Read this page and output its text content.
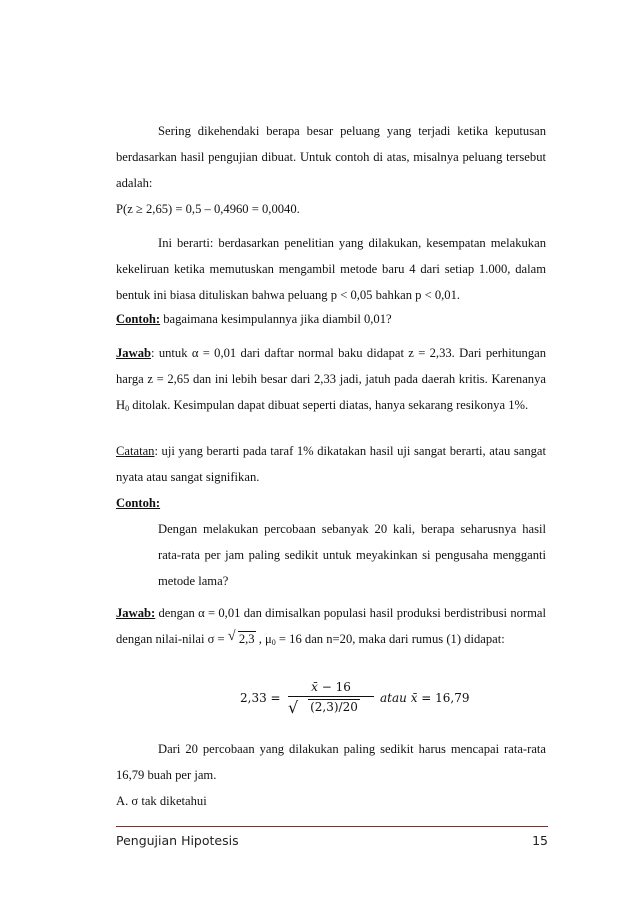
Sering dikehendaki berapa besar peluang yang terjadi ketika keputusan berdasarkan hasil pengujian dibuat. Untuk contoh di atas, misalnya peluang tersebut adalah:

P(z ≥ 2,65) = 0,5 – 0,4960 = 0,0040.

Ini berarti: berdasarkan penelitian yang dilakukan, kesempatan melakukan kekeliruan ketika memutuskan mengambil metode baru 4 dari setiap 1.000, dalam bentuk ini biasa dituliskan bahwa peluang p < 0,05 bahkan p < 0,01.

Contoh: bagaimana kesimpulannya jika diambil 0,01?

Jawab: untuk α = 0,01 dari daftar normal baku didapat z = 2,33. Dari perhitungan harga z = 2,65 dan ini lebih besar dari 2,33 jadi, jatuh pada daerah kritis. Karenanya $H_0$ ditolak. Kesimpulan dapat dibuat seperti diatas, hanya sekarang resikonya 1%.

Catatan: uji yang berarti pada taraf 1% dikatakan hasil uji sangat berarti, atau sangat nyata atau sangat signifikan.

Contoh:

Dengan melakukan percobaan sebanyak 20 kali, berapa seharusnya hasil rata-rata per jam paling sedikit untuk meyakinkan si pengusaha mengganti metode lama?

Jawab: dengan α = 0,01 dan dimisalkan populasi hasil produksi berdistribusi normal dengan nilai-nilai σ = √ 2,3 , $\mu_0 = 16$ dan n=20, maka dari rumus (1) didapat:

$2,33 = \frac{x̄ - 16}{√ (2,3)/20}$ atau x̄ = 16,79

Dari 20 percobaan yang dilakukan paling sedikit harus mencapai rata-rata 16,79 buah per jam.

A. σ tak diketahui

Pengujian Hipotesis	15
